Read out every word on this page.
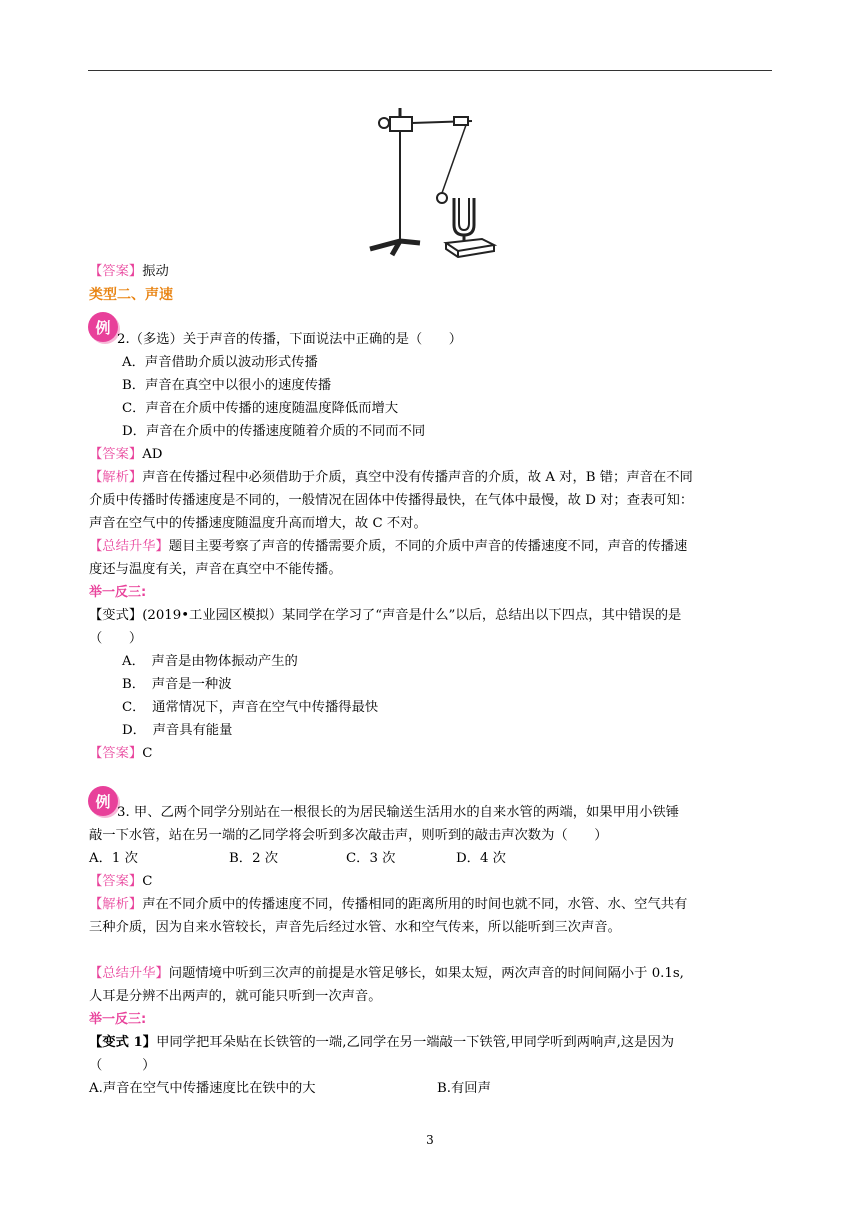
【答案】振动
类型二、声速
例
2.（多选）关于声音的传播，下面说法中正确的是（　　）
A．声音借助介质以波动形式传播
B．声音在真空中以很小的速度传播
C．声音在介质中传播的速度随温度降低而增大
D．声音在介质中的传播速度随着介质的不同而不同
【答案】AD
【解析】声音在传播过程中必须借助于介质，真空中没有传播声音的介质，故 A 对，B 错；声音在不同
介质中传播时传播速度是不同的，一般情况在固体中传播得最快，在气体中最慢，故 D 对；查表可知：
声音在空气中的传播速度随温度升高而增大，故 C 不对。
【总结升华】题目主要考察了声音的传播需要介质，不同的介质中声音的传播速度不同，声音的传播速
度还与温度有关，声音在真空中不能传播。
举一反三:
【变式】(2019•工业园区模拟）某同学在学习了“声音是什么”以后，总结出以下四点，其中错误的是
（　　）
A．　声音是由物体振动产生的
B．　声音是一种波
C．　通常情况下，声音在空气中传播得最快
D．　声音具有能量
【答案】C
例
3. 甲、乙两个同学分别站在一根很长的为居民输送生活用水的自来水管的两端，如果甲用小铁锤
敲一下水管，站在另一端的乙同学将会听到多次敲击声，则听到的敲击声次数为（　　）
A．1 次	B．2 次	C．3 次	D．4 次
【答案】C
【解析】声在不同介质中的传播速度不同，传播相同的距离所用的时间也就不同，水管、水、空气共有
三种介质，因为自来水管较长，声音先后经过水管、水和空气传来，所以能听到三次声音。
【总结升华】问题情境中听到三次声的前提是水管足够长，如果太短，两次声音的时间间隔小于 0.1s,
人耳是分辨不出两声的，就可能只听到一次声音。
举一反三:
【变式 1】甲同学把耳朵贴在长铁管的一端,乙同学在另一端敲一下铁管,甲同学听到两响声,这是因为
（　　　）
A.声音在空气中传播速度比在铁中的大	B.有回声
3
